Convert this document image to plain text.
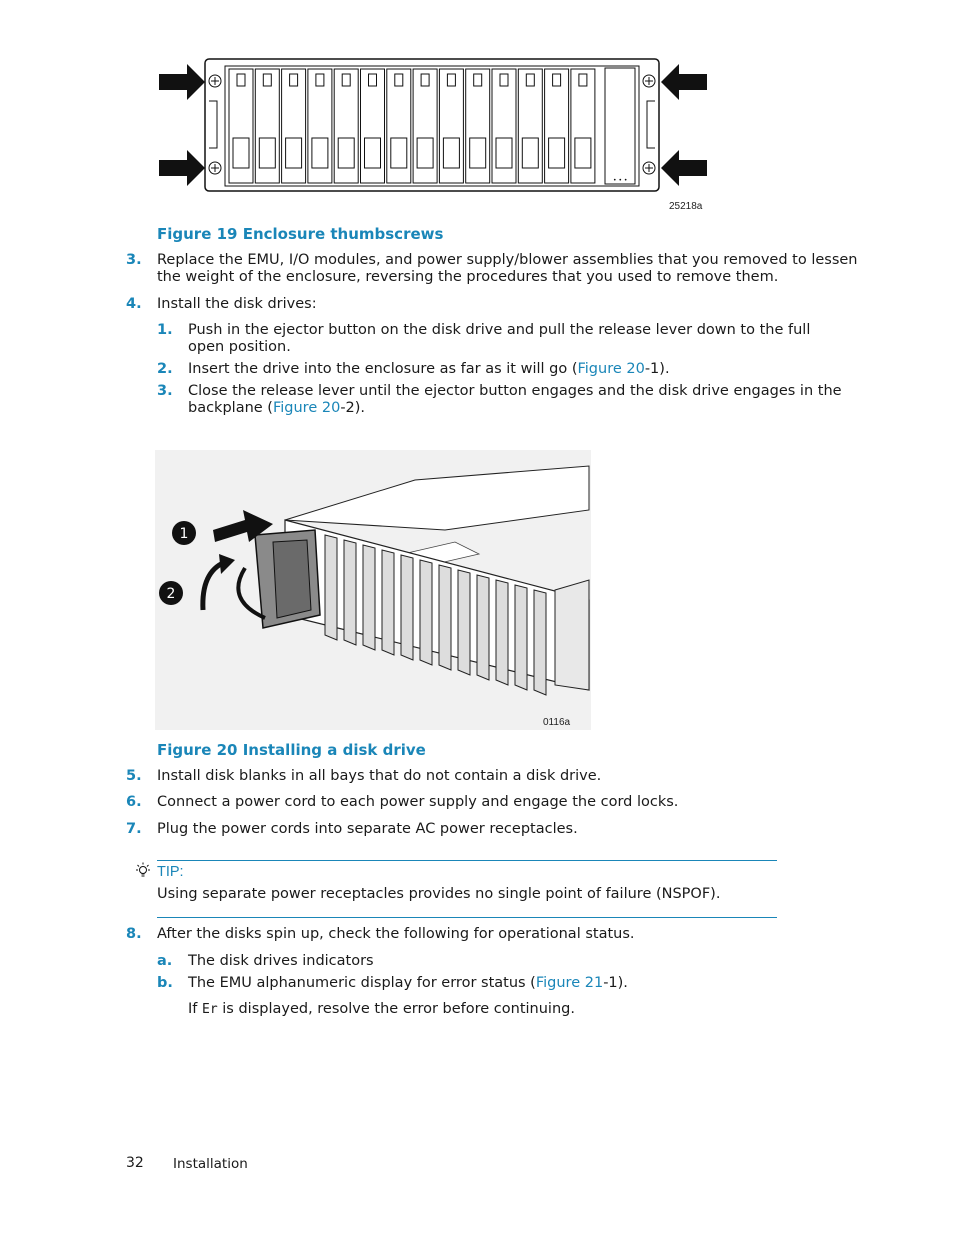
• • •
25218a
Figure 19 Enclosure thumbscrews
3. Replace the EMU, I/O modules, and power supply/blower assemblies that you removed to lessen
the weight of the enclosure, reversing the procedures that you used to remove them.
4. Install the disk drives:
1. Push in the ejector button on the disk drive and pull the release lever down to the full
open position.
2. Insert the drive into the enclosure as far as it will go (Figure 20-1).
3. Close the release lever until the ejector button engages and the disk drive engages in the
backplane (Figure 20-2).
1
2
0116a
Figure 20 Installing a disk drive
5. Install disk blanks in all bays that do not contain a disk drive.
6. Connect a power cord to each power supply and engage the cord locks.
7. Plug the power cords into separate AC power receptacles.
TIP:
Using separate power receptacles provides no single point of failure (NSPOF).
8. After the disks spin up, check the following for operational status.
a. The disk drives indicators
b. The EMU alphanumeric display for error status (Figure 21-1).
If Er is displayed, resolve the error before continuing.
32 Installation
